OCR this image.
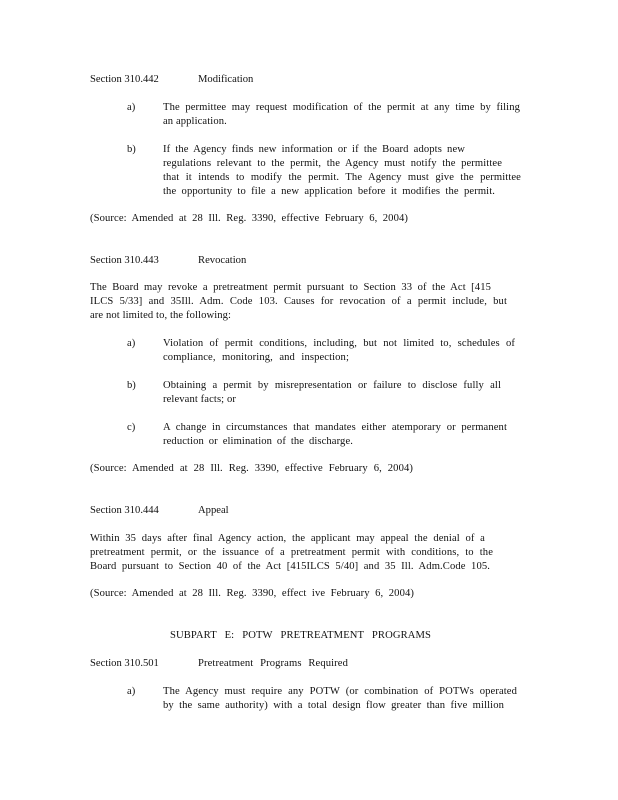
Section 310.442	Modification
a)	The permittee may request modification of the permit at any time by filing
an application.
b)	If the Agency finds new information or if the Board adopts new
regulations relevant to the permit, the Agency must notify the permittee
that it intends to modify the permit. The Agency must give the permittee
the opportunity to file a new application before it modifies the permit.
(Source: Amended at 28 Ill. Reg. 3390, effective February 6, 2004)
Section 310.443	Revocation
The Board may revoke a pretreatment permit pursuant to Section 33 of the Act [415
ILCS 5/33] and 35Ill. Adm. Code 103. Causes for revocation of a permit include, but
are not limited to, the following:
a)	Violation of permit conditions, including, but not limited to, schedules of
compliance, monitoring, and inspection;
b)	Obtaining a permit by misrepresentation or failure to disclose fully all
relevant facts; or
c)	A change in circumstances that mandates either atemporary or permanent
reduction or elimination of the discharge.
(Source: Amended at 28 Ill. Reg. 3390, effective February 6, 2004)
Section 310.444	Appeal
Within 35 days after final Agency action, the applicant may appeal the denial of a
pretreatment permit, or the issuance of a pretreatment permit with conditions, to the
Board pursuant to Section 40 of the Act [415ILCS 5/40] and 35 Ill. Adm.Code 105.
(Source: Amended at 28 Ill. Reg. 3390, effect ive February 6, 2004)
SUBPART E: POTW PRETREATMENT PROGRAMS
Section 310.501	Pretreatment Programs Required
a)	The Agency must require any POTW (or combination of POTWs operated
by the same authority) with a total design flow greater than five million
